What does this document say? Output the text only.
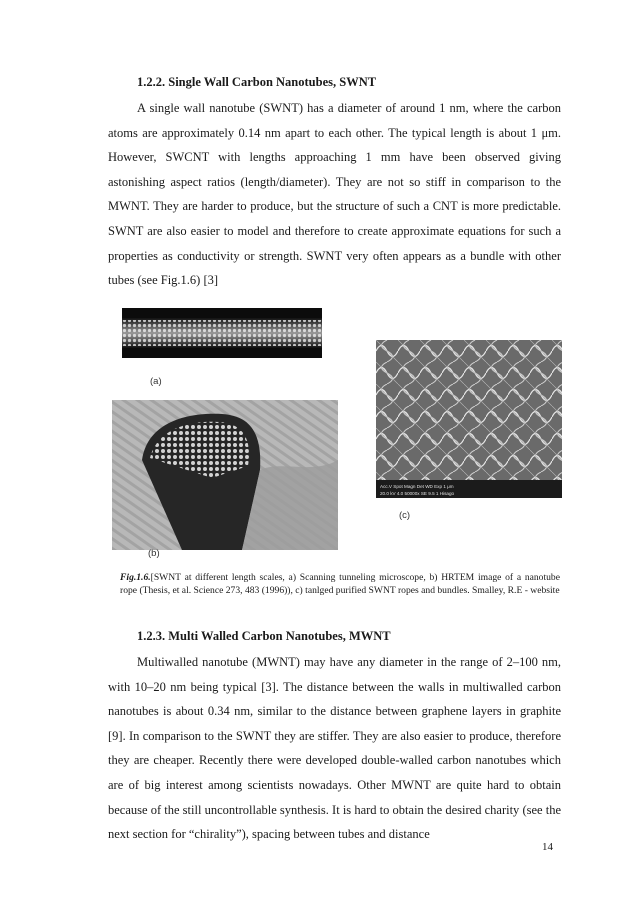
1.2.2. Single Wall Carbon Nanotubes, SWNT

A single wall nanotube (SWNT) has a diameter of around 1 nm, where the carbon atoms are approximately 0.14 nm apart to each other. The typical length is about 1 μm. However, SWCNT with lengths approaching 1 mm have been observed giving astonishing aspect ratios (length/diameter). They are not so stiff in comparison to the MWNT. They are harder to produce, but the structure of such a CNT is more predictable. SWNT are also easier to model and therefore to create approximate equations for such a properties as conductivity or strength. SWNT very often appears as a bundle with other tubes (see Fig.1.6) [3]

(a)
(b)
Acc.V Spot Magn Det WD Exp 1 μm
20.0 kV 4.0 50000x SE 9.5 1 Hisago
(c)

Fig.1.6.[SWNT at different length scales, a) Scanning tunneling microscope, b) HRTEM image of a nanotube rope (Thesis, et al. Science 273, 483 (1996)), c) tanlged purified SWNT ropes and bundles. Smalley, R.E - website

1.2.3. Multi Walled Carbon Nanotubes, MWNT

Multiwalled nanotube (MWNT) may have any diameter in the range of 2–100 nm, with 10–20 nm being typical [3]. The distance between the walls in multiwalled carbon nanotubes is about 0.34 nm, similar to the distance between graphene layers in graphite [9]. In comparison to the SWNT they are stiffer. They are also easier to produce, therefore they are cheaper. Recently there were developed double-walled carbon nanotubes which are of big interest among scientists nowadays. Other MWNT are quite hard to obtain because of the still uncontrollable synthesis. It is hard to obtain the desired charity (see the next section for “chirality”), spacing between tubes and distance

14
